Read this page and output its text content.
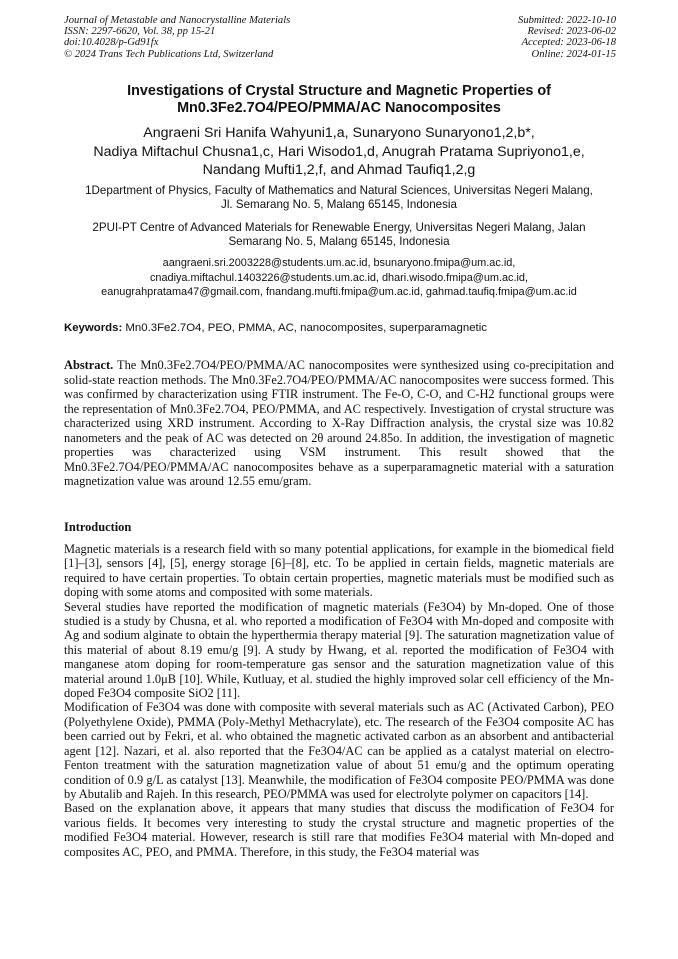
Journal of Metastable and Nanocrystalline Materials
ISSN: 2297-6620, Vol. 38, pp 15-21
doi:10.4028/p-Gd91fx
© 2024 Trans Tech Publications Ltd, Switzerland
Submitted: 2022-10-10
Revised: 2023-06-02
Accepted: 2023-06-18
Online: 2024-01-15
Investigations of Crystal Structure and Magnetic Properties of
Mn0.3Fe2.7O4/PEO/PMMA/AC Nanocomposites
Angraeni Sri Hanifa Wahyuni1,a, Sunaryono Sunaryono1,2,b*,
Nadiya Miftachul Chusna1,c, Hari Wisodo1,d, Anugrah Pratama Supriyono1,e,
Nandang Mufti1,2,f, and Ahmad Taufiq1,2,g
1Department of Physics, Faculty of Mathematics and Natural Sciences, Universitas Negeri Malang,
Jl. Semarang No. 5, Malang 65145, Indonesia
2PUI-PT Centre of Advanced Materials for Renewable Energy, Universitas Negeri Malang, Jalan
Semarang No. 5, Malang 65145, Indonesia
aangraeni.sri.2003228@students.um.ac.id, bsunaryono.fmipa@um.ac.id,
cnadiya.miftachul.1403226@students.um.ac.id, dhari.wisodo.fmipa@um.ac.id,
eanugrahpratama47@gmail.com, fnandang.mufti.fmipa@um.ac.id, gahmad.taufiq.fmipa@um.ac.id
Keywords: Mn0.3Fe2.7O4, PEO, PMMA, AC, nanocomposites, superparamagnetic
Abstract. The Mn0.3Fe2.7O4/PEO/PMMA/AC nanocomposites were synthesized using co-precipitation and solid-state reaction methods. The Mn0.3Fe2.7O4/PEO/PMMA/AC nanocomposites were success formed. This was confirmed by characterization using FTIR instrument. The Fe-O, C-O, and C-H2 functional groups were the representation of Mn0.3Fe2.7O4, PEO/PMMA, and AC respectively. Investigation of crystal structure was characterized using XRD instrument. According to X-Ray Diffraction analysis, the crystal size was 10.82 nanometers and the peak of AC was detected on 2θ around 24.85o. In addition, the investigation of magnetic properties was characterized using VSM instrument. This result showed that the Mn0.3Fe2.7O4/PEO/PMMA/AC nanocomposites behave as a superparamagnetic material with a saturation magnetization value was around 12.55 emu/gram.
Introduction

Magnetic materials is a research field with so many potential applications, for example in the biomedical field [1]–[3], sensors [4], [5], energy storage [6]–[8], etc. To be applied in certain fields, magnetic materials are required to have certain properties. To obtain certain properties, magnetic materials must be modified such as doping with some atoms and composited with some materials.

Several studies have reported the modification of magnetic materials (Fe3O4) by Mn-doped. One of those studied is a study by Chusna, et al. who reported a modification of Fe3O4 with Mn-doped and composite with Ag and sodium alginate to obtain the hyperthermia therapy material [9]. The saturation magnetization value of this material of about 8.19 emu/g [9]. A study by Hwang, et al. reported the modification of Fe3O4 with manganese atom doping for room-temperature gas sensor and the saturation magnetization value of this material around 1.0μB [10]. While, Kutluay, et al. studied the highly improved solar cell efficiency of the Mn-doped Fe3O4 composite SiO2 [11].

Modification of Fe3O4 was done with composite with several materials such as AC (Activated Carbon), PEO (Polyethylene Oxide), PMMA (Poly-Methyl Methacrylate), etc. The research of the Fe3O4 composite AC has been carried out by Fekri, et al. who obtained the magnetic activated carbon as an absorbent and antibacterial agent [12]. Nazari, et al. also reported that the Fe3O4/AC can be applied as a catalyst material on electro-Fenton treatment with the saturation magnetization value of about 51 emu/g and the optimum operating condition of 0.9 g/L as catalyst [13]. Meanwhile, the modification of Fe3O4 composite PEO/PMMA was done by Abutalib and Rajeh. In this research, PEO/PMMA was used for electrolyte polymer on capacitors [14].

Based on the explanation above, it appears that many studies that discuss the modification of Fe3O4 for various fields. It becomes very interesting to study the crystal structure and magnetic properties of the modified Fe3O4 material. However, research is still rare that modifies Fe3O4 material with Mn-doped and composites AC, PEO, and PMMA. Therefore, in this study, the Fe3O4 material was
